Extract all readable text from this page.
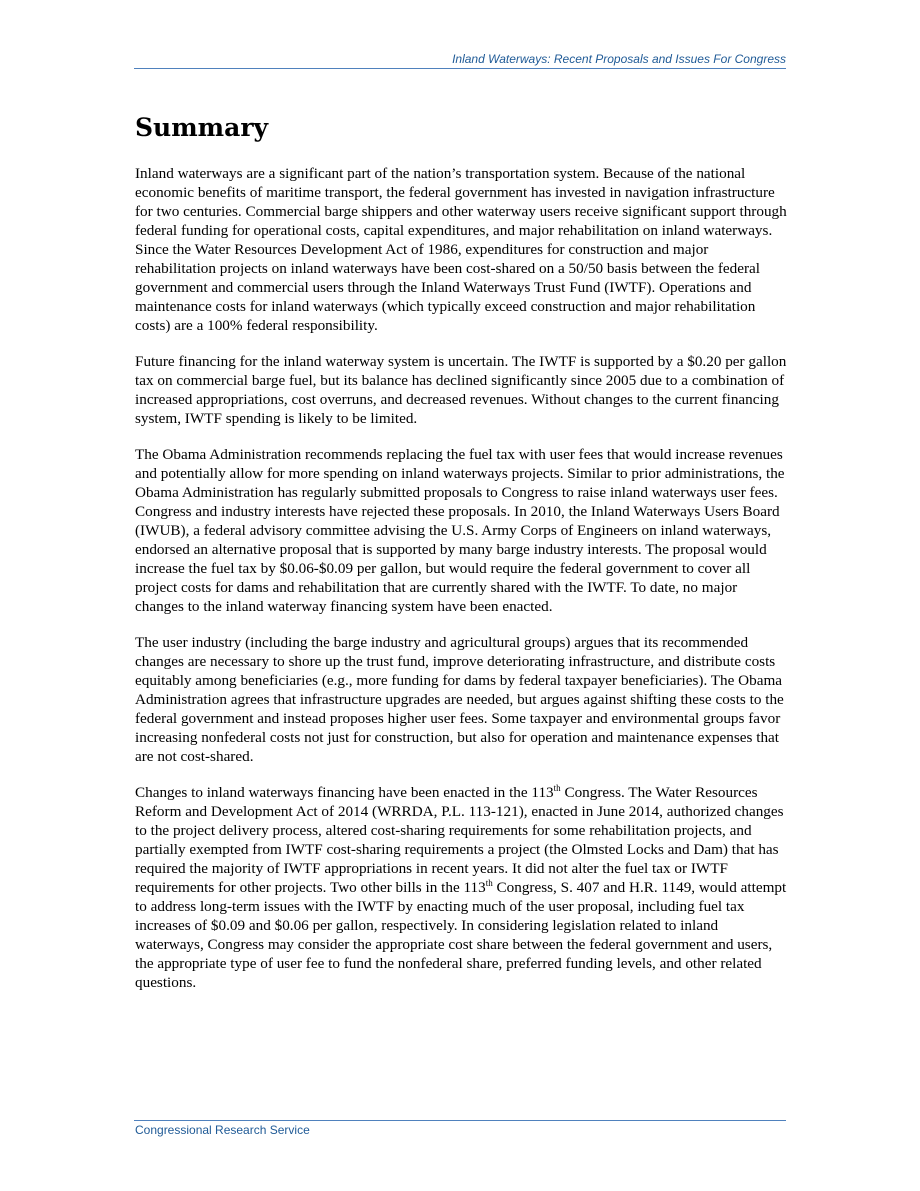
Inland Waterways: Recent Proposals and Issues For Congress
Summary

Inland waterways are a significant part of the nation’s transportation system. Because of the national economic benefits of maritime transport, the federal government has invested in navigation infrastructure for two centuries. Commercial barge shippers and other waterway users receive significant support through federal funding for operational costs, capital expenditures, and major rehabilitation on inland waterways. Since the Water Resources Development Act of 1986, expenditures for construction and major rehabilitation projects on inland waterways have been cost-shared on a 50/50 basis between the federal government and commercial users through the Inland Waterways Trust Fund (IWTF). Operations and maintenance costs for inland waterways (which typically exceed construction and major rehabilitation costs) are a 100% federal responsibility.

Future financing for the inland waterway system is uncertain. The IWTF is supported by a $0.20 per gallon tax on commercial barge fuel, but its balance has declined significantly since 2005 due to a combination of increased appropriations, cost overruns, and decreased revenues. Without changes to the current financing system, IWTF spending is likely to be limited.

The Obama Administration recommends replacing the fuel tax with user fees that would increase revenues and potentially allow for more spending on inland waterways projects. Similar to prior administrations, the Obama Administration has regularly submitted proposals to Congress to raise inland waterways user fees. Congress and industry interests have rejected these proposals. In 2010, the Inland Waterways Users Board (IWUB), a federal advisory committee advising the U.S. Army Corps of Engineers on inland waterways, endorsed an alternative proposal that is supported by many barge industry interests. The proposal would increase the fuel tax by $0.06-$0.09 per gallon, but would require the federal government to cover all project costs for dams and rehabilitation that are currently shared with the IWTF. To date, no major changes to the inland waterway financing system have been enacted.

The user industry (including the barge industry and agricultural groups) argues that its recommended changes are necessary to shore up the trust fund, improve deteriorating infrastructure, and distribute costs equitably among beneficiaries (e.g., more funding for dams by federal taxpayer beneficiaries). The Obama Administration agrees that infrastructure upgrades are needed, but argues against shifting these costs to the federal government and instead proposes higher user fees. Some taxpayer and environmental groups favor increasing nonfederal costs not just for construction, but also for operation and maintenance expenses that are not cost-shared.

Changes to inland waterways financing have been enacted in the 113th Congress. The Water Resources Reform and Development Act of 2014 (WRRDA, P.L. 113-121), enacted in June 2014, authorized changes to the project delivery process, altered cost-sharing requirements for some rehabilitation projects, and partially exempted from IWTF cost-sharing requirements a project (the Olmsted Locks and Dam) that has required the majority of IWTF appropriations in recent years. It did not alter the fuel tax or IWTF requirements for other projects. Two other bills in the 113th Congress, S. 407 and H.R. 1149, would attempt to address long-term issues with the IWTF by enacting much of the user proposal, including fuel tax increases of $0.09 and $0.06 per gallon, respectively. In considering legislation related to inland waterways, Congress may consider the appropriate cost share between the federal government and users, the appropriate type of user fee to fund the nonfederal share, preferred funding levels, and other related questions.

Congressional Research Service
